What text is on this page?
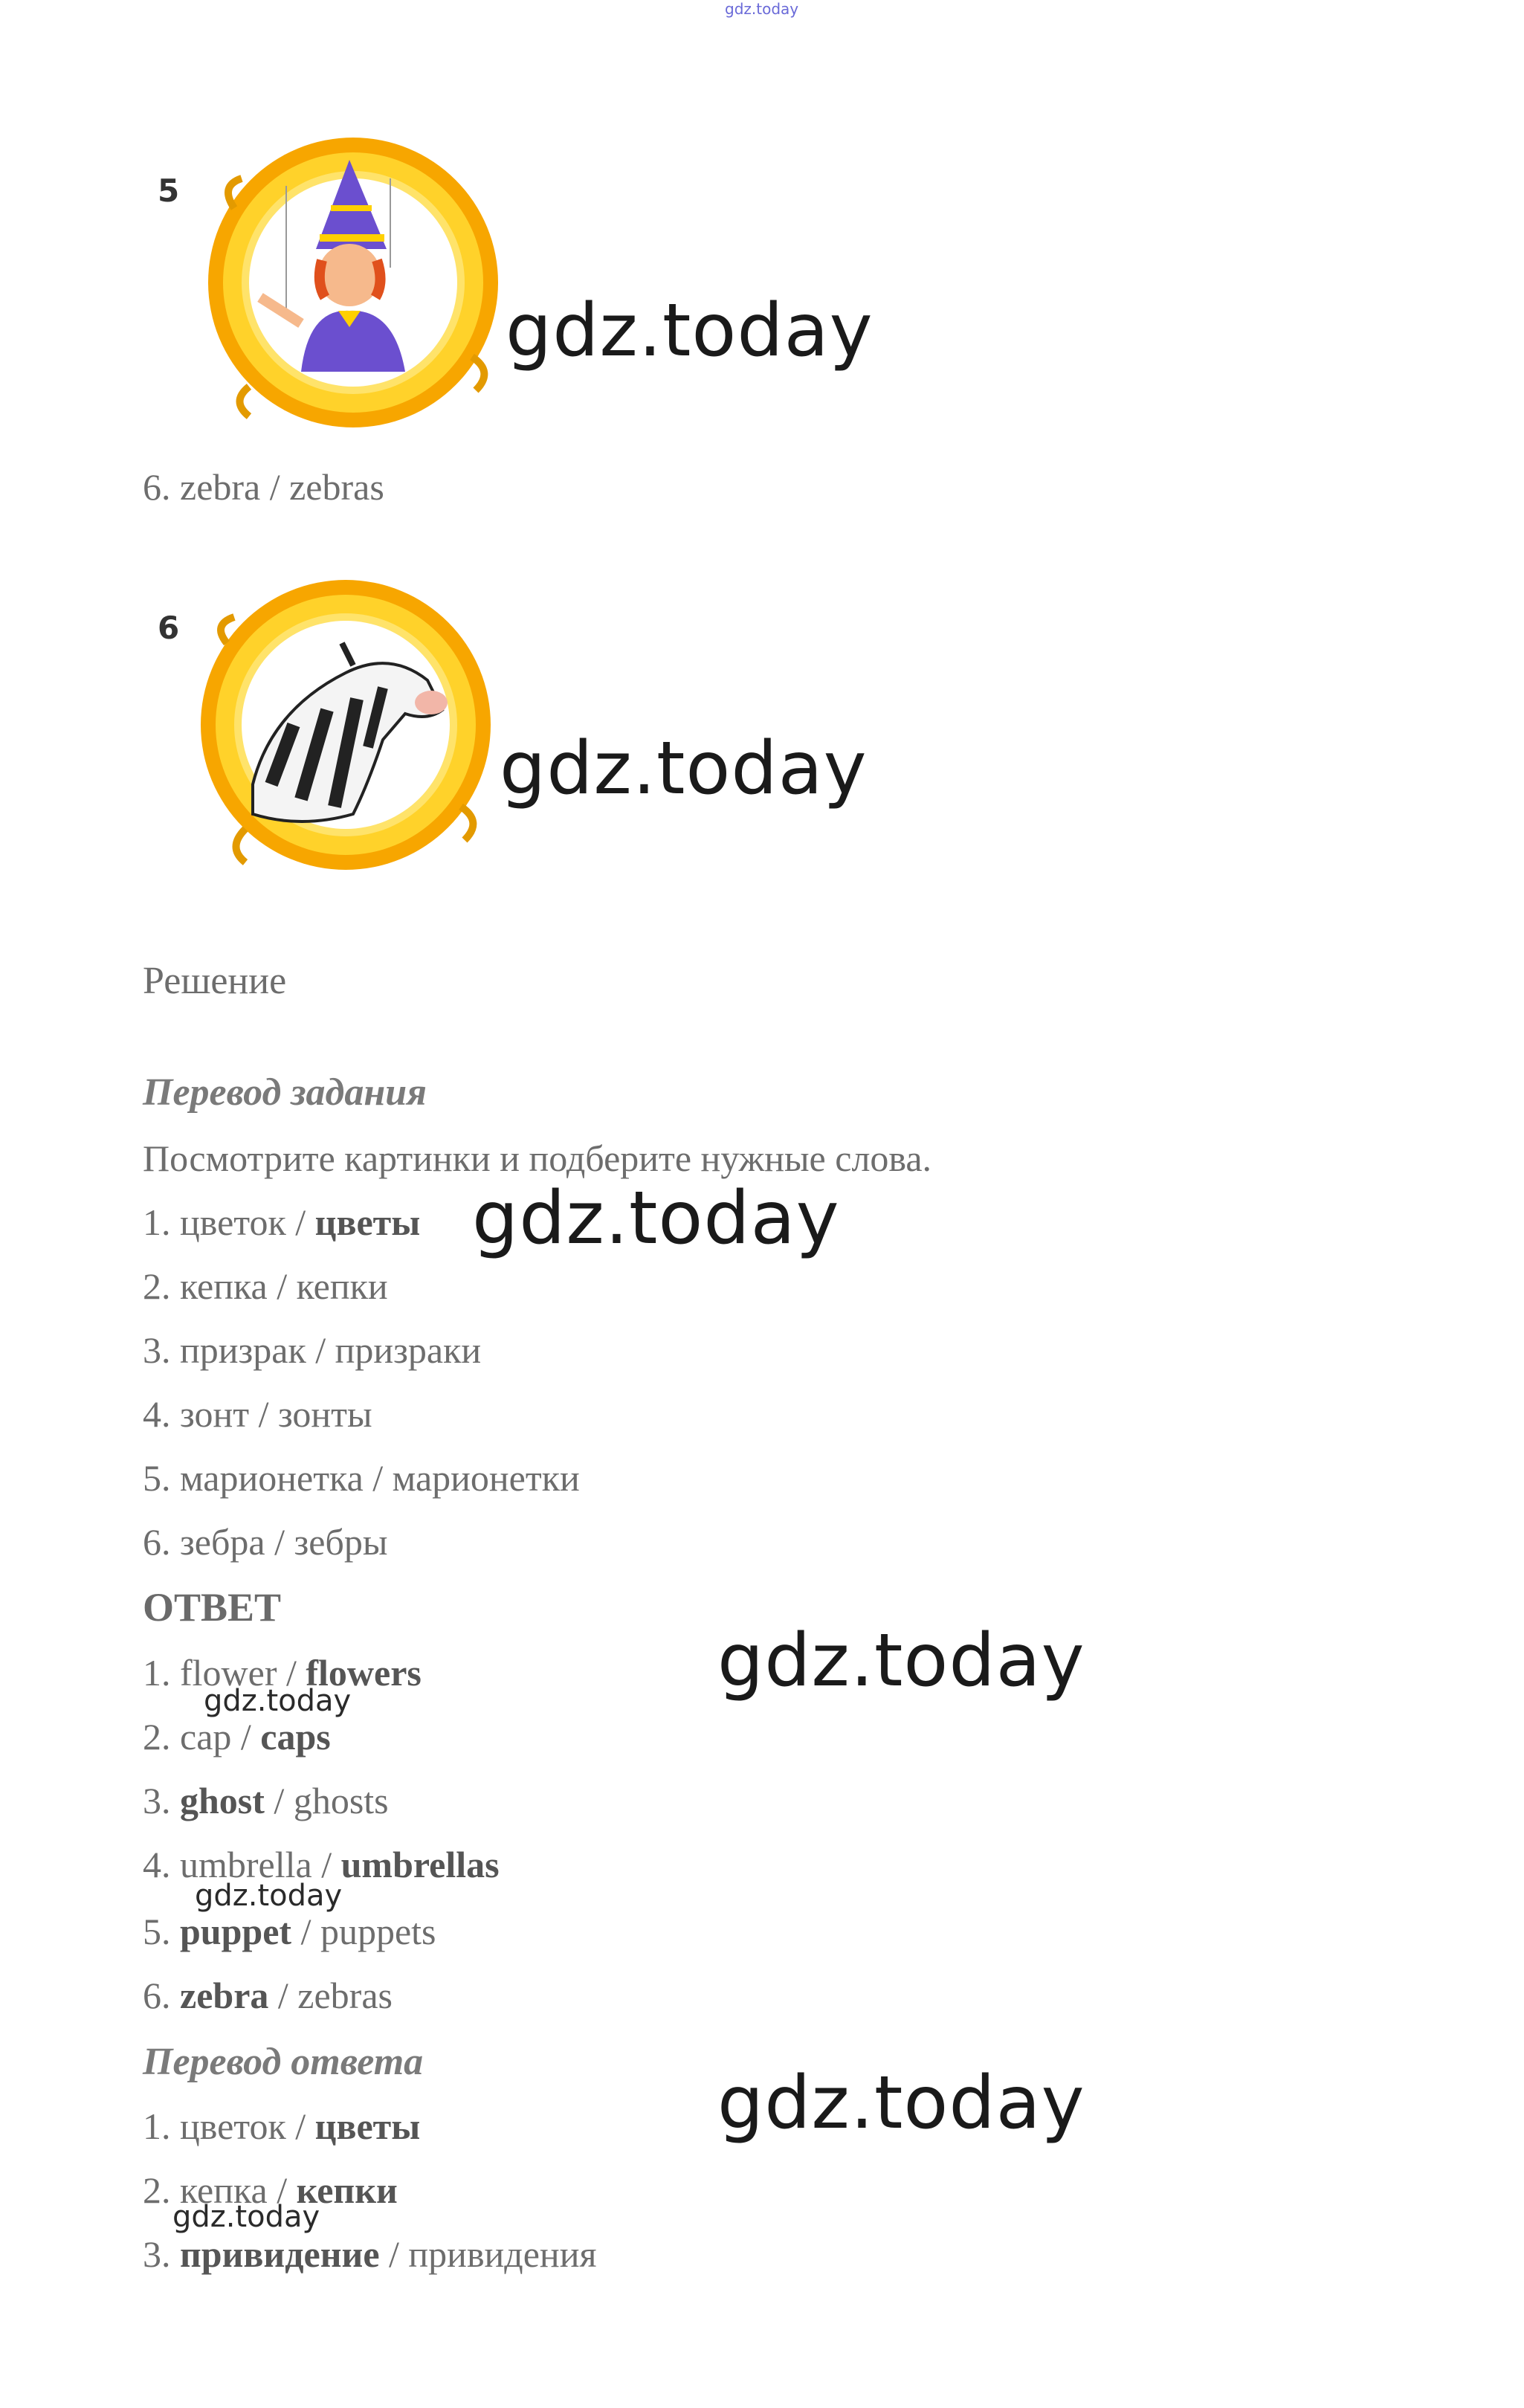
gdz.today
5
gdz.today
6. zebra / zebras
6
gdz.today
Решение
Перевод задания
Посмотрите картинки и подберите нужные слова.
1. цветок / цветы gdz.today
2. кепка / кепки
3. призрак / призраки
4. зонт / зонты
5. марионетка / марионетки
6. зебра / зебры
ОТВЕТ
1. flower / flowers	gdz.today
gdz.today
2. cap / caps
3. ghost / ghosts
4. umbrella / umbrellas
gdz.today
5. puppet / puppets
6. zebra / zebras
Перевод ответа	gdz.today
1. цветок / цветы
2. кепка / кепки
gdz.today
3. привидение / привидения
